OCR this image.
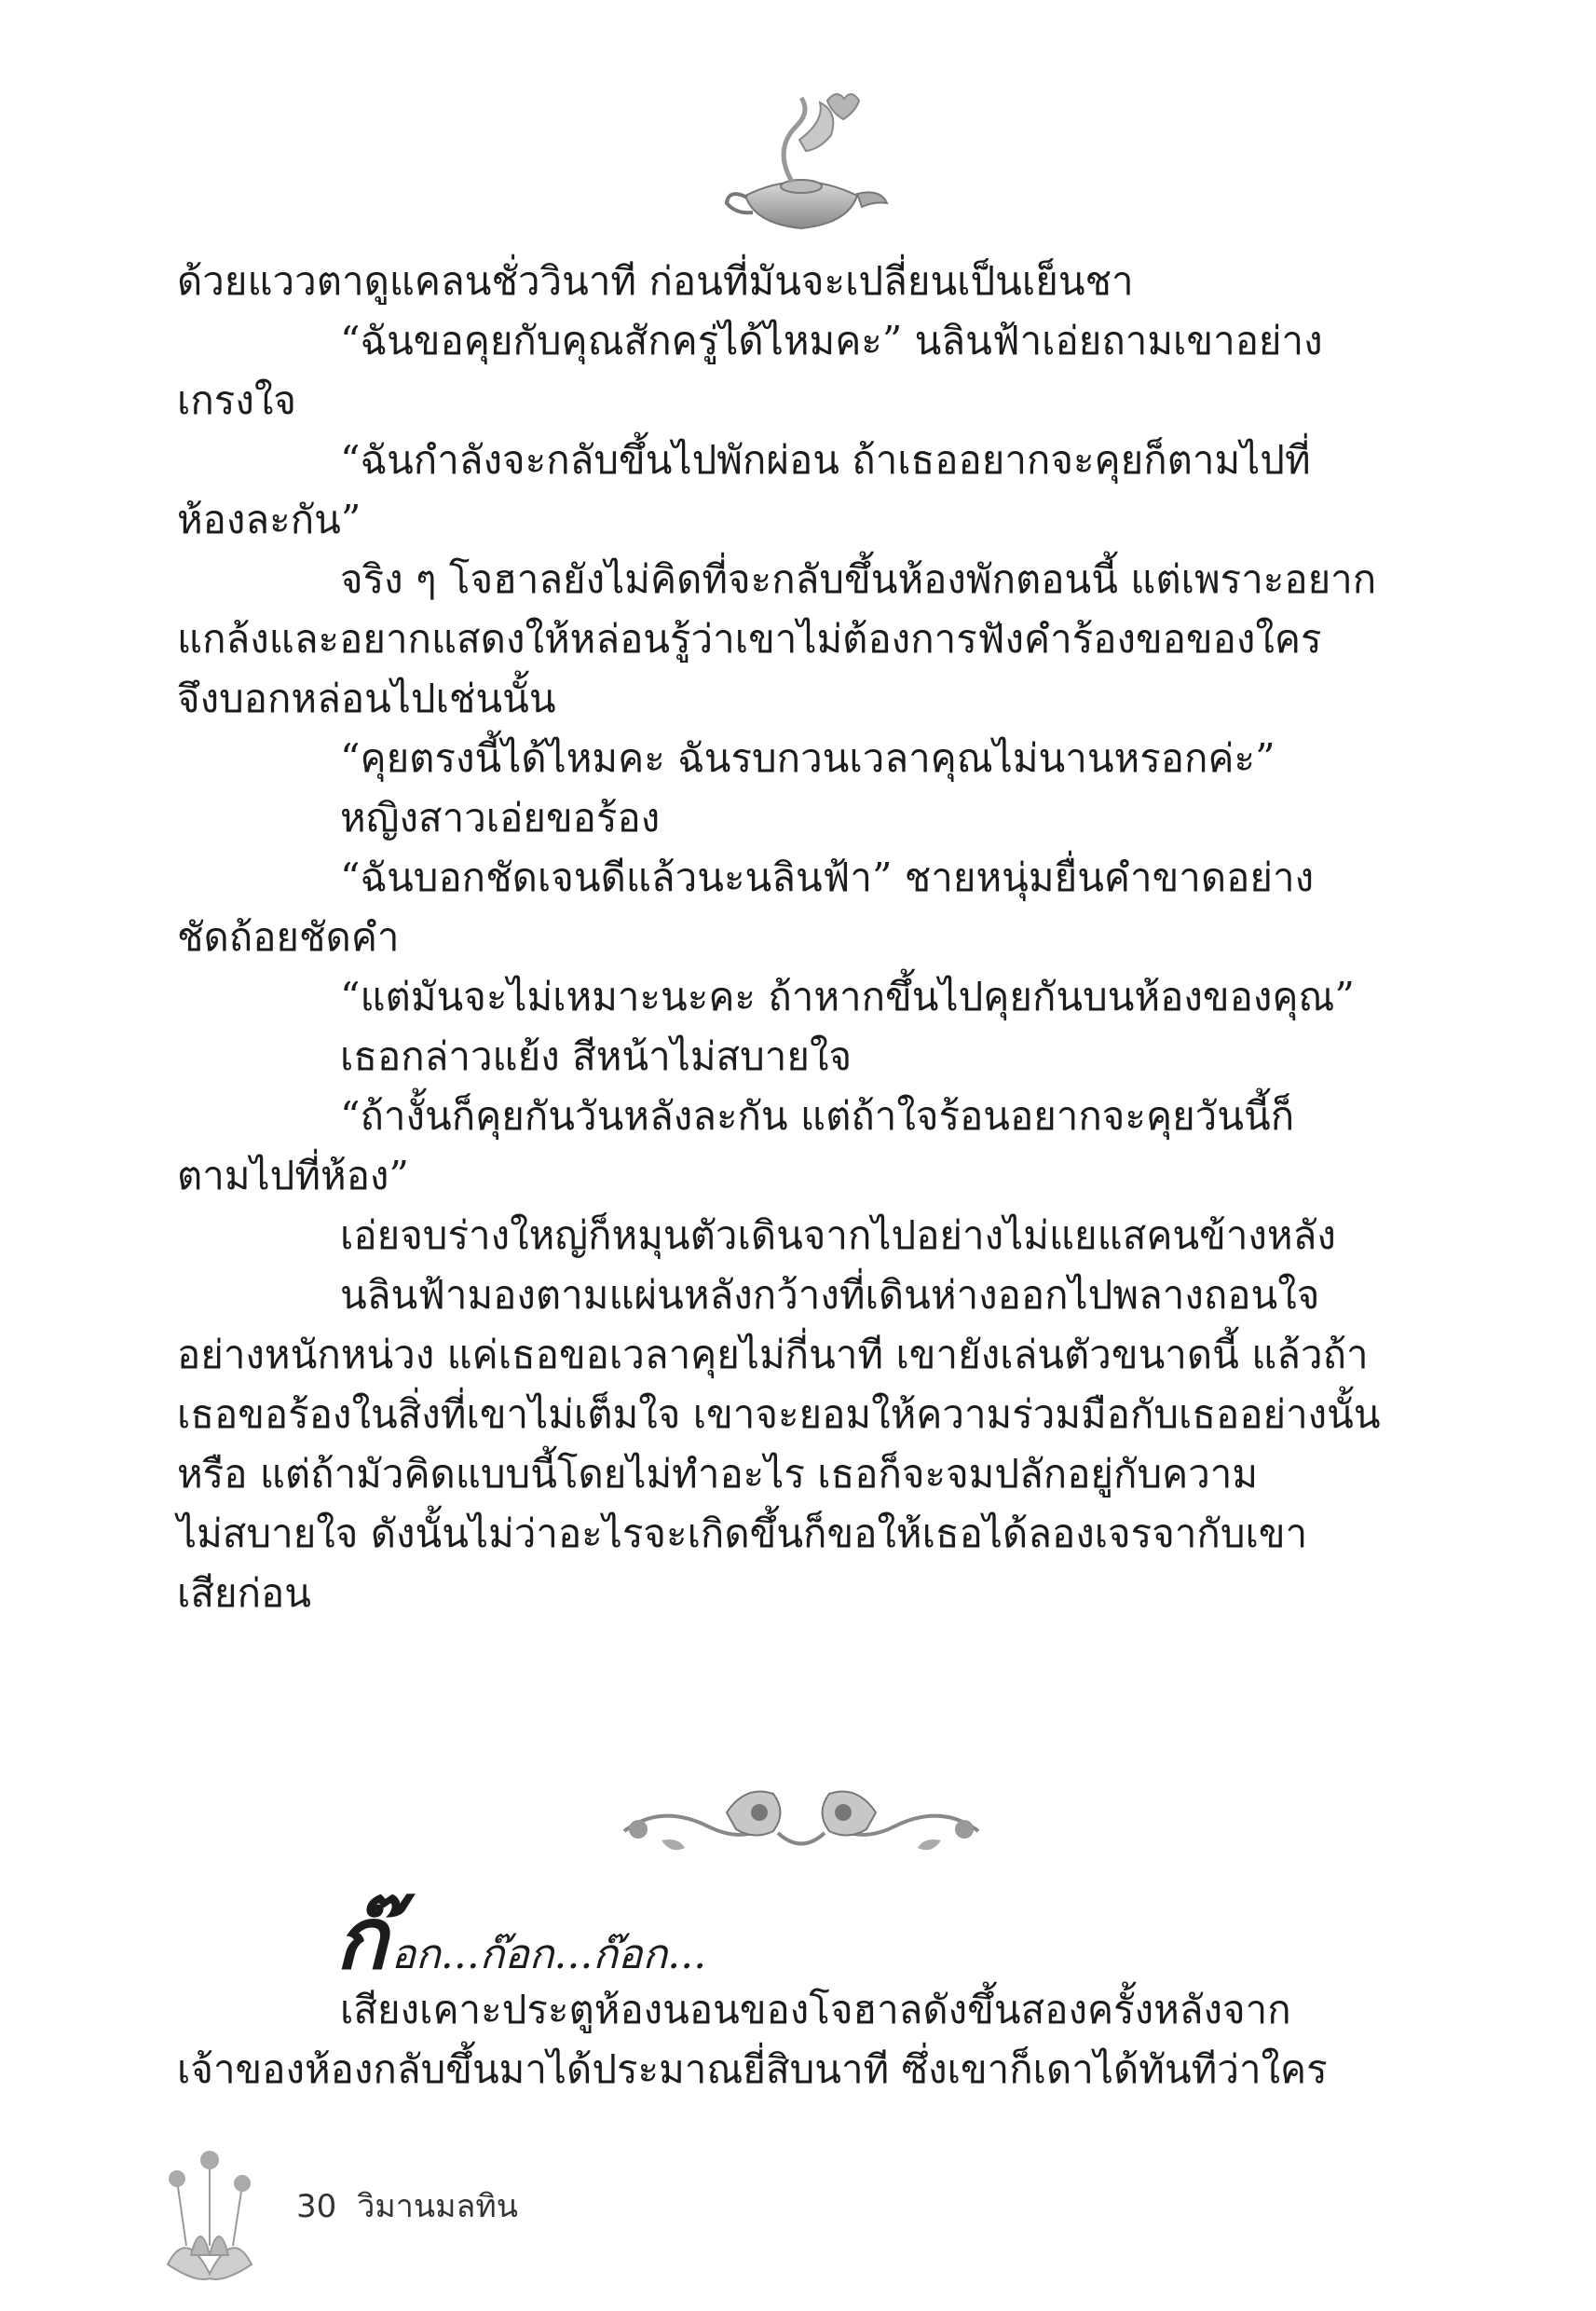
ด้วยแววตาดูแคลนชั่ววินาที ก่อนที่มันจะเปลี่ยนเป็นเย็นชา
“ฉันขอคุยกับคุณสักครู่ได้ไหมคะ” นลินฟ้าเอ่ยถามเขาอย่าง
เกรงใจ
“ฉันกำลังจะกลับขึ้นไปพักผ่อน ถ้าเธออยากจะคุยก็ตามไปที่
ห้องละกัน”
จริง ๆ โจฮาลยังไม่คิดที่จะกลับขึ้นห้องพักตอนนี้ แต่เพราะอยาก
แกล้งและอยากแสดงให้หล่อนรู้ว่าเขาไม่ต้องการฟังคำร้องขอของใคร
จึงบอกหล่อนไปเช่นนั้น
“คุยตรงนี้ได้ไหมคะ ฉันรบกวนเวลาคุณไม่นานหรอกค่ะ”
หญิงสาวเอ่ยขอร้อง
“ฉันบอกชัดเจนดีแล้วนะนลินฟ้า” ชายหนุ่มยื่นคำขาดอย่าง
ชัดถ้อยชัดคำ
“แต่มันจะไม่เหมาะนะคะ ถ้าหากขึ้นไปคุยกันบนห้องของคุณ”
เธอกล่าวแย้ง สีหน้าไม่สบายใจ
“ถ้างั้นก็คุยกันวันหลังละกัน แต่ถ้าใจร้อนอยากจะคุยวันนี้ก็
ตามไปที่ห้อง”
เอ่ยจบร่างใหญ่ก็หมุนตัวเดินจากไปอย่างไม่แยแสคนข้างหลัง
นลินฟ้ามองตามแผ่นหลังกว้างที่เดินห่างออกไปพลางถอนใจ
อย่างหนักหน่วง แค่เธอขอเวลาคุยไม่กี่นาที เขายังเล่นตัวขนาดนี้ แล้วถ้า
เธอขอร้องในสิ่งที่เขาไม่เต็มใจ เขาจะยอมให้ความร่วมมือกับเธออย่างนั้น
หรือ แต่ถ้ามัวคิดแบบนี้โดยไม่ทำอะไร เธอก็จะจมปลักอยู่กับความ
ไม่สบายใจ ดังนั้นไม่ว่าอะไรจะเกิดขึ้นก็ขอให้เธอได้ลองเจรจากับเขา
เสียก่อน
ก๊อก...ก๊อก...ก๊อก...
เสียงเคาะประตูห้องนอนของโจฮาลดังขึ้นสองครั้งหลังจาก
เจ้าของห้องกลับขึ้นมาได้ประมาณยี่สิบนาที ซึ่งเขาก็เดาได้ทันทีว่าใคร
30 วิมานมลทิน
